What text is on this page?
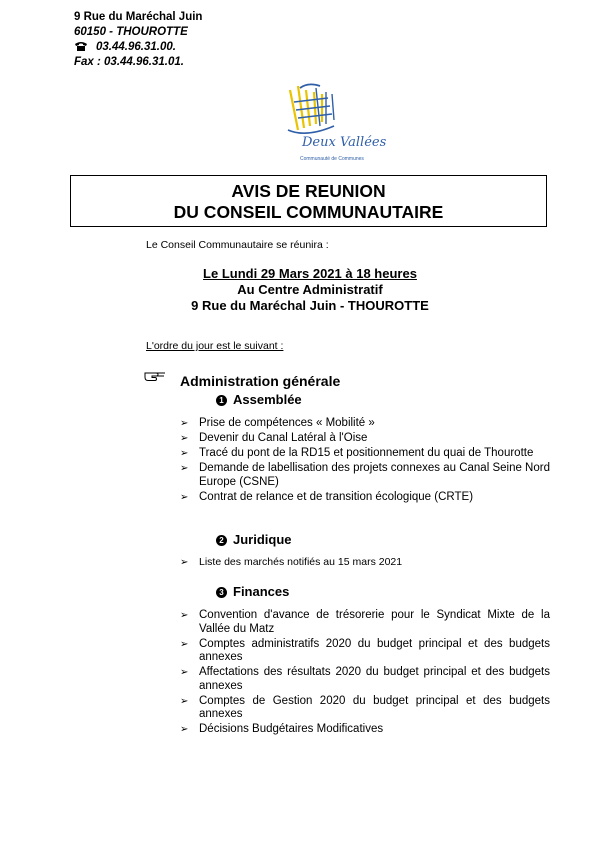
9 Rue du Maréchal Juin
60150 - THOUROTTE
03.44.96.31.00.
Fax : 03.44.96.31.01.
Deux Vallées
Communauté de Communes
AVIS DE REUNION
DU CONSEIL COMMUNAUTAIRE
Le Conseil Communautaire se réunira :
Le Lundi 29 Mars 2021 à 18 heures
Au Centre Administratif
9 Rue du Maréchal Juin - THOUROTTE
L'ordre du jour est le suivant :
Administration générale
1 Assemblée
➢ Prise de compétences « Mobilité »
➢ Devenir du Canal Latéral à l'Oise
➢ Tracé du pont de la RD15 et positionnement du quai de Thourotte
➢ Demande de labellisation des projets connexes au Canal Seine Nord Europe (CSNE)
➢ Contrat de relance et de transition écologique (CRTE)
2 Juridique
➢ Liste des marchés notifiés au 15 mars 2021
3 Finances
➢ Convention d'avance de trésorerie pour le Syndicat Mixte de la Vallée du Matz
➢ Comptes administratifs 2020 du budget principal et des budgets annexes
➢ Affectations des résultats 2020 du budget principal et des budgets annexes
➢ Comptes de Gestion 2020 du budget principal et des budgets annexes
➢ Décisions Budgétaires Modificatives
